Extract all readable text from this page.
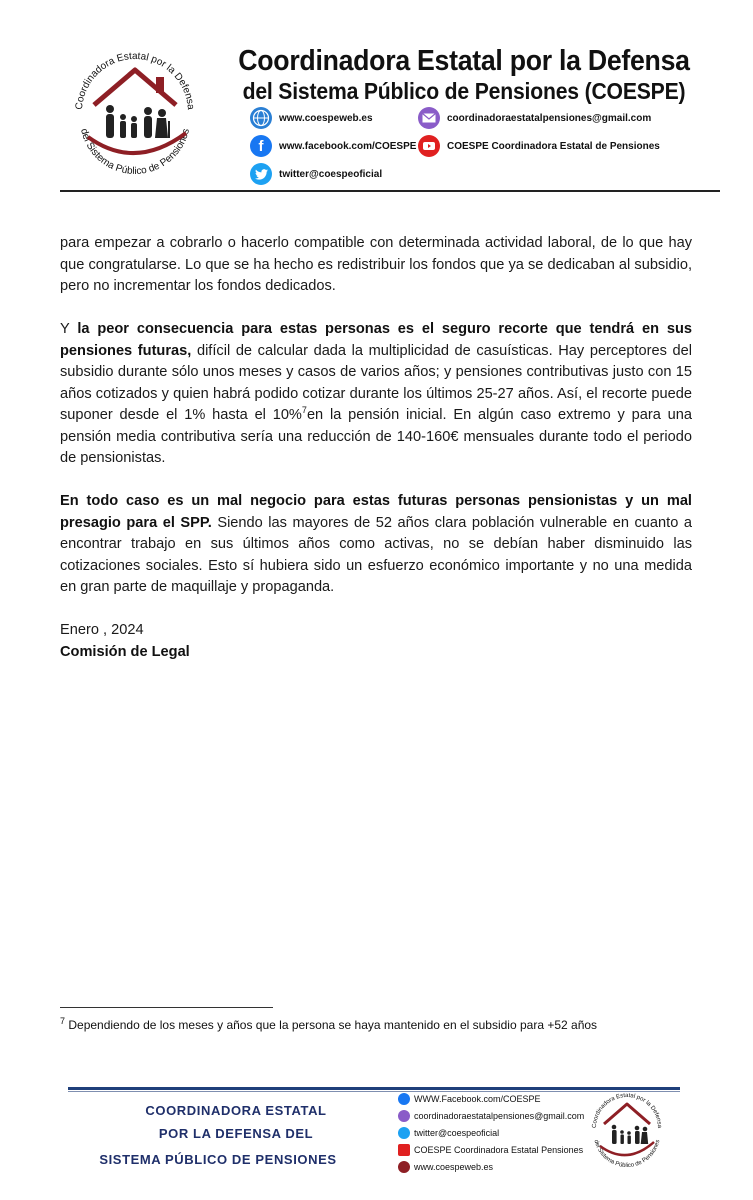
Coordinadora Estatal por la Defensa
del Sistema Público de Pensiones
Coordinadora Estatal por la Defensa
del Sistema Público de Pensiones (COESPE)
www.coespeweb.es	coordinadoraestatalpensiones@gmail.com
f	www.facebook.com/COESPE	COESPE Coordinadora Estatal de Pensiones
twitter@coespeoficial

para empezar a cobrarlo o hacerlo compatible con determinada actividad laboral, de lo que hay que congratularse. Lo que se ha hecho es redistribuir los fondos que ya se dedicaban al subsidio, pero no incrementar los fondos dedicados.

Y la peor consecuencia para estas personas es el seguro recorte que tendrá en sus pensiones futuras, difícil de calcular dada la multiplicidad de casuísticas. Hay perceptores del subsidio durante sólo unos meses y casos de varios años; y pensiones contributivas justo con 15 años cotizados y quien habrá podido cotizar durante los últimos 25-27 años. Así, el recorte puede suponer desde el 1% hasta el 10%$^7$en la pensión inicial. En algún caso extremo y para una pensión media contributiva sería una reducción de 140-160€ mensuales durante todo el periodo de pensionistas.

En todo caso es un mal negocio para estas futuras personas pensionistas y un mal presagio para el SPP. Siendo las mayores de 52 años clara población vulnerable en cuanto a encontrar trabajo en sus últimos años como activas, no se debían haber disminuido las cotizaciones sociales. Esto sí hubiera sido un esfuerzo económico importante y no una medida en gran parte de maquillaje y propaganda.

Enero , 2024

Comisión de Legal

$^7$ Dependiendo de los meses y años que la persona se haya mantenido en el subsidio para +52 años
COORDINADORA ESTATAL
POR LA DEFENSA DEL
SISTEMA PÚBLICO DE PENSIONES
WWW.Facebook.com/COESPE
coordinadoraestatalpensiones@gmail.com
twitter@coespeoficial
COESPE Coordinadora Estatal Pensiones
www.coespeweb.es
Coordinadora Estatal por la Defensa
del Sistema Público de Pensiones
